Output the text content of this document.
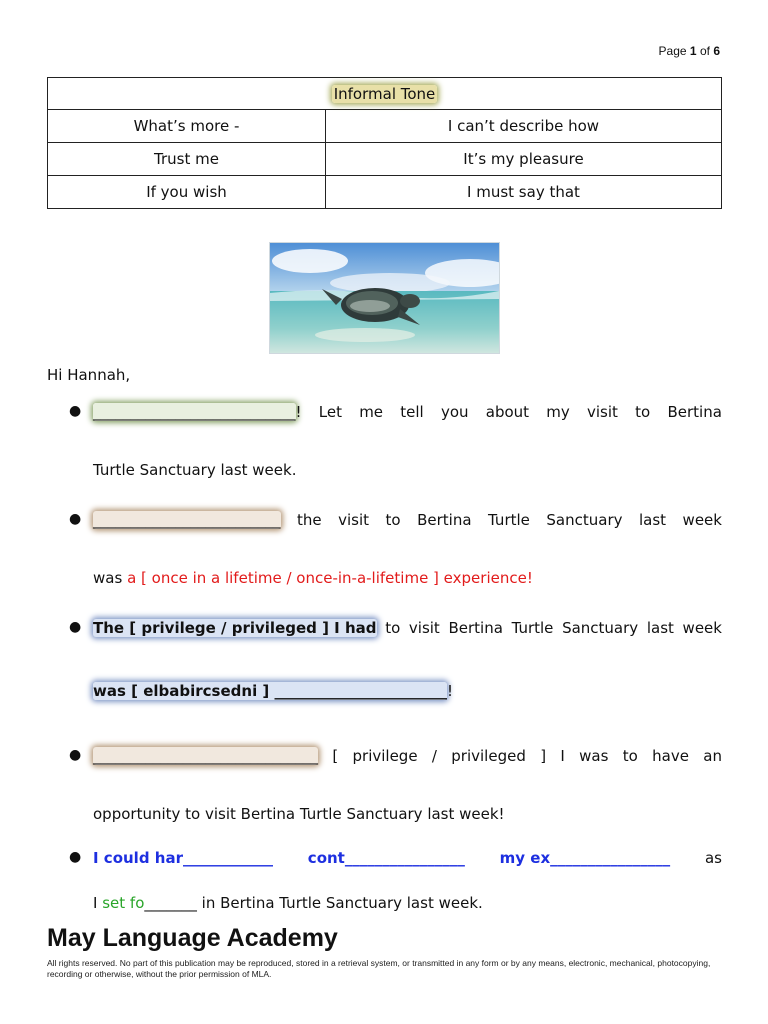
Page 1 of 6
Informal Tone	
What’s more -	I can’t describe how
Trust me	It’s my pleasure
If you wish	I must say that
Hi Hannah,
● ___________________________! Let me tell you about my visit to Bertina
Turtle Sanctuary last week.
● _________________________ the visit to Bertina Turtle Sanctuary last week
was a [ once in a lifetime / once-in-a-lifetime ] experience!
● The [ privilege / privileged ] I had to visit Bertina Turtle Sanctuary last week
was [ elbabircsedni ] _______________________!
● ______________________________ [ privilege / privileged ] I was to have an
opportunity to visit Bertina Turtle Sanctuary last week!
● I could har____________ cont________________ my ex________________ as
I set fo_______ in Bertina Turtle Sanctuary last week.
May Language Academy
All rights reserved. No part of this publication may be reproduced, stored in a retrieval system, or transmitted in any form or by any means, electronic, mechanical, photocopying, recording or otherwise, without the prior permission of MLA.
